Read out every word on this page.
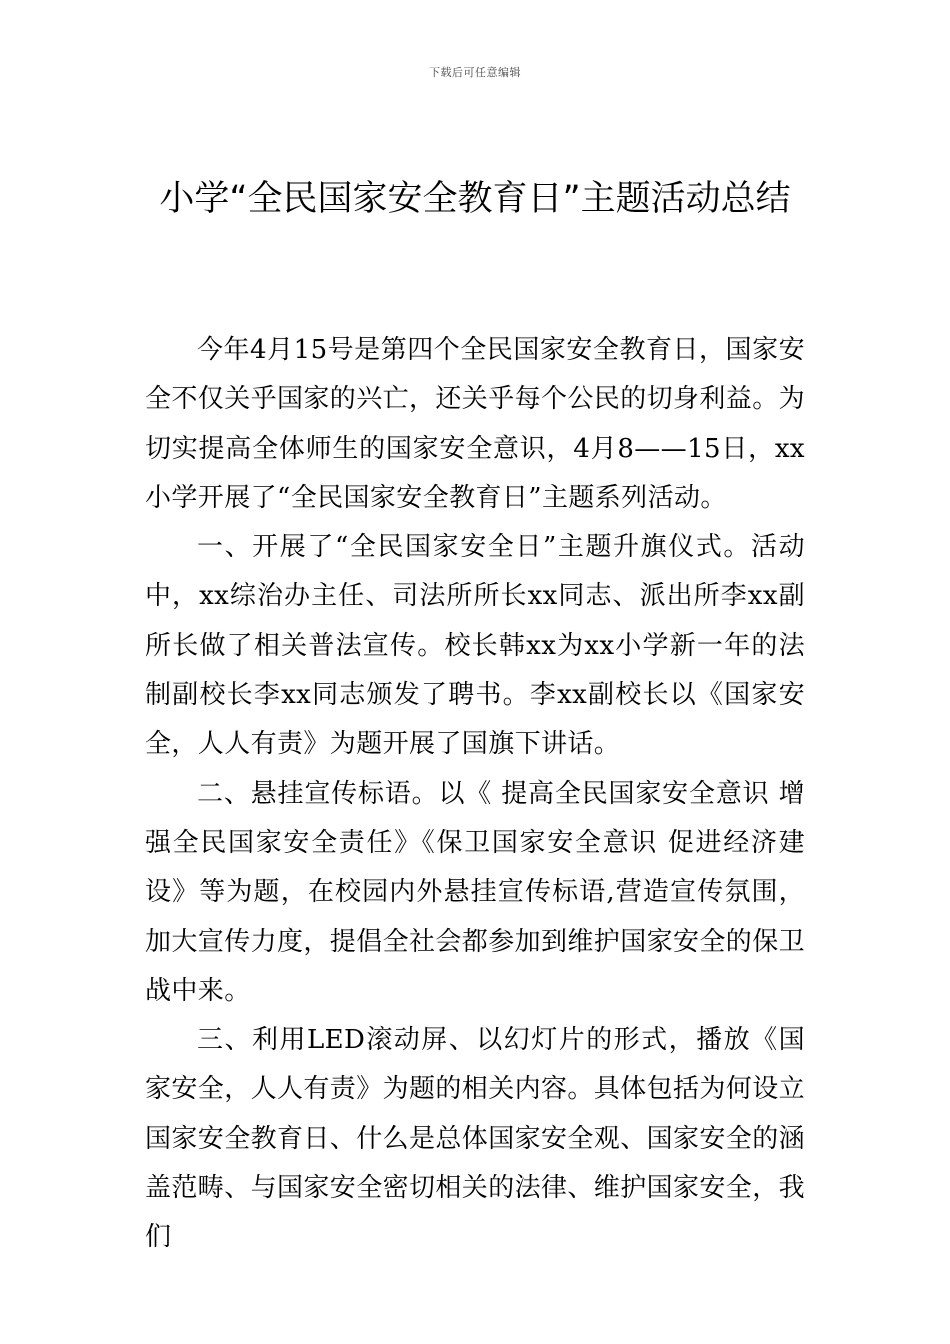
下载后可任意编辑
小学“全民国家安全教育日”主题活动总结

今年4月15号是第四个全民国家安全教育日，国家安全不仅关乎国家的兴亡，还关乎每个公民的切身利益。为切实提高全体师生的国家安全意识，4月8——15日，xx小学开展了“全民国家安全教育日”主题系列活动。

一、开展了“全民国家安全日”主题升旗仪式。活动中，xx综治办主任、司法所所长xx同志、派出所李xx副所长做了相关普法宣传。校长韩xx为xx小学新一年的法制副校长李xx同志颁发了聘书。李xx副校长以《国家安全，人人有责》为题开展了国旗下讲话。

二、悬挂宣传标语。以《 提高全民国家安全意识 增强全民国家安全责任》《保卫国家安全意识 促进经济建设》等为题，在校园内外悬挂宣传标语,营造宣传氛围，加大宣传力度，提倡全社会都参加到维护国家安全的保卫战中来。

三、利用LED滚动屏、以幻灯片的形式，播放《国家安全，人人有责》为题的相关内容。具体包括为何设立国家安全教育日、什么是总体国家安全观、国家安全的涵盖范畴、与国家安全密切相关的法律、维护国家安全，我们
